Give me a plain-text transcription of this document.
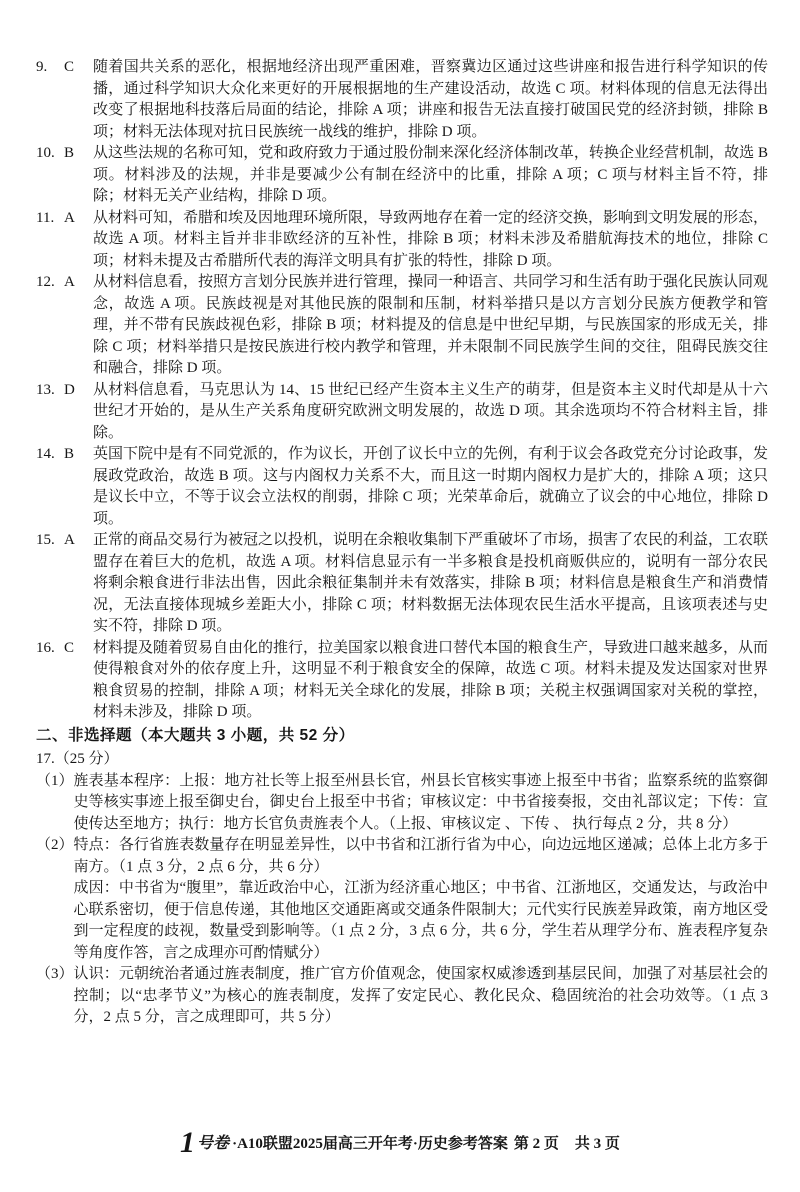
9.	C	随着国共关系的恶化，根据地经济出现严重困难，晋察冀边区通过这些讲座和报告进行科学知识的传播，通过科学知识大众化来更好的开展根据地的生产建设活动，故选 C 项。材料体现的信息无法得出改变了根据地科技落后局面的结论，排除 A 项；讲座和报告无法直接打破国民党的经济封锁，排除 B 项；材料无法体现对抗日民族统一战线的维护，排除 D 项。

10. B	从这些法规的名称可知，党和政府致力于通过股份制来深化经济体制改革，转换企业经营机制，故选 B 项。材料涉及的法规，并非是要减少公有制在经济中的比重，排除 A 项；C 项与材料主旨不符，排除；材料无关产业结构，排除 D 项。

11. A	从材料可知，希腊和埃及因地理环境所限，导致两地存在着一定的经济交换，影响到文明发展的形态，故选 A 项。材料主旨并非非欧经济的互补性，排除 B 项；材料未涉及希腊航海技术的地位，排除 C 项；材料未提及古希腊所代表的海洋文明具有扩张的特性，排除 D 项。

12. A	从材料信息看，按照方言划分民族并进行管理，操同一种语言、共同学习和生活有助于强化民族认同观念，故选 A 项。民族歧视是对其他民族的限制和压制，材料举措只是以方言划分民族方便教学和管理，并不带有民族歧视色彩，排除 B 项；材料提及的信息是中世纪早期，与民族国家的形成无关，排除 C 项；材料举措只是按民族进行校内教学和管理，并未限制不同民族学生间的交往，阻碍民族交往和融合，排除 D 项。

13. D	从材料信息看，马克思认为 14、15 世纪已经产生资本主义生产的萌芽，但是资本主义时代却是从十六世纪才开始的，是从生产关系角度研究欧洲文明发展的，故选 D 项。其余选项均不符合材料主旨，排除。

14. B	英国下院中是有不同党派的，作为议长，开创了议长中立的先例，有利于议会各政党充分讨论政事，发展政党政治，故选 B 项。这与内阁权力关系不大，而且这一时期内阁权力是扩大的，排除 A 项；这只是议长中立，不等于议会立法权的削弱，排除 C 项；光荣革命后，就确立了议会的中心地位，排除 D 项。

15. A	正常的商品交易行为被冠之以投机，说明在余粮收集制下严重破坏了市场，损害了农民的利益，工农联盟存在着巨大的危机，故选 A 项。材料信息显示有一半多粮食是投机商贩供应的，说明有一部分农民将剩余粮食进行非法出售，因此余粮征集制并未有效落实，排除 B 项；材料信息是粮食生产和消费情况，无法直接体现城乡差距大小，排除 C 项；材料数据无法体现农民生活水平提高，且该项表述与史实不符，排除 D 项。

16. C	材料提及随着贸易自由化的推行，拉美国家以粮食进口替代本国的粮食生产，导致进口越来越多，从而使得粮食对外的依存度上升，这明显不利于粮食安全的保障，故选 C 项。材料未提及发达国家对世界粮食贸易的控制，排除 A 项；材料无关全球化的发展，排除 B 项；关税主权强调国家对关税的掌控，材料未涉及，排除 D 项。

二、非选择题（本大题共 3 小题，共 52 分）
17.（25 分）
（1） 旌表基本程序：上报：地方社长等上报至州县长官，州县长官核实事迹上报至中书省；监察系统的监察御史等核实事迹上报至御史台，御史台上报至中书省；审核议定：中书省接奏报，交由礼部议定；下传：宣使传达至地方；执行：地方长官负责旌表个人。（上报、审核议定 、下传 、 执行每点 2 分，共 8 分）

（2） 特点：各行省旌表数量存在明显差异性，以中书省和江浙行省为中心，向边远地区递减；总体上北方多于南方。（1 点 3 分，2 点 6 分，共 6 分）

成因：中书省为“腹里”，靠近政治中心，江浙为经济重心地区；中书省、江浙地区，交通发达，与政治中心联系密切，便于信息传递，其他地区交通距离或交通条件限制大；元代实行民族差异政策，南方地区受到一定程度的歧视，数量受到影响等。（1 点 2 分，3 点 6 分，共 6 分，学生若从理学分布、旌表程序复杂等角度作答，言之成理亦可酌情赋分）

（3） 认识：元朝统治者通过旌表制度，推广官方价值观念，使国家权威渗透到基层民间，加强了对基层社会的控制；以“忠孝节义”为核心的旌表制度，发挥了安定民心、教化民众、稳固统治的社会功效等。（1 点 3 分，2 点 5 分，言之成理即可，共 5 分）

1 号卷 ·A10联盟2025届高三开年考·历史参考答案 第 2 页 共 3 页
